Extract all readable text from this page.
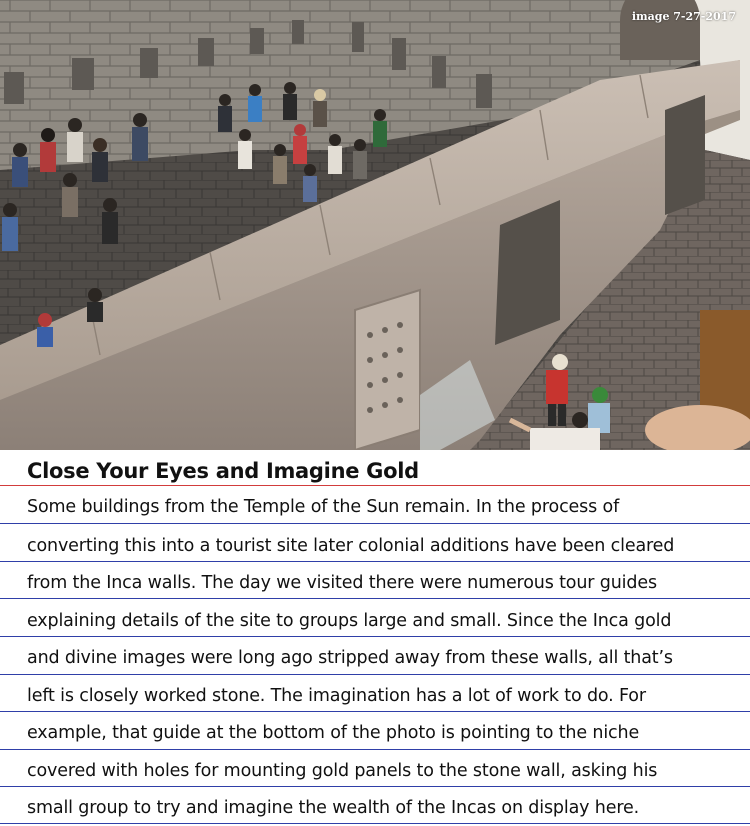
image 7-27-2017
Close Your Eyes and Imagine Gold
Some buildings from the Temple of the Sun remain. In the process of
converting this into a tourist site later colonial additions have been cleared
from the Inca walls. The day we visited there were numerous tour guides
explaining details of the site to groups large and small. Since the Inca gold
and divine images were long ago stripped away from these walls, all that’s
left is closely worked stone. The imagination has a lot of work to do. For
example, that guide at the bottom of the photo is pointing to the niche
covered with holes for mounting gold panels to the stone wall, asking his
small group to try and imagine the wealth of the Incas on display here.
